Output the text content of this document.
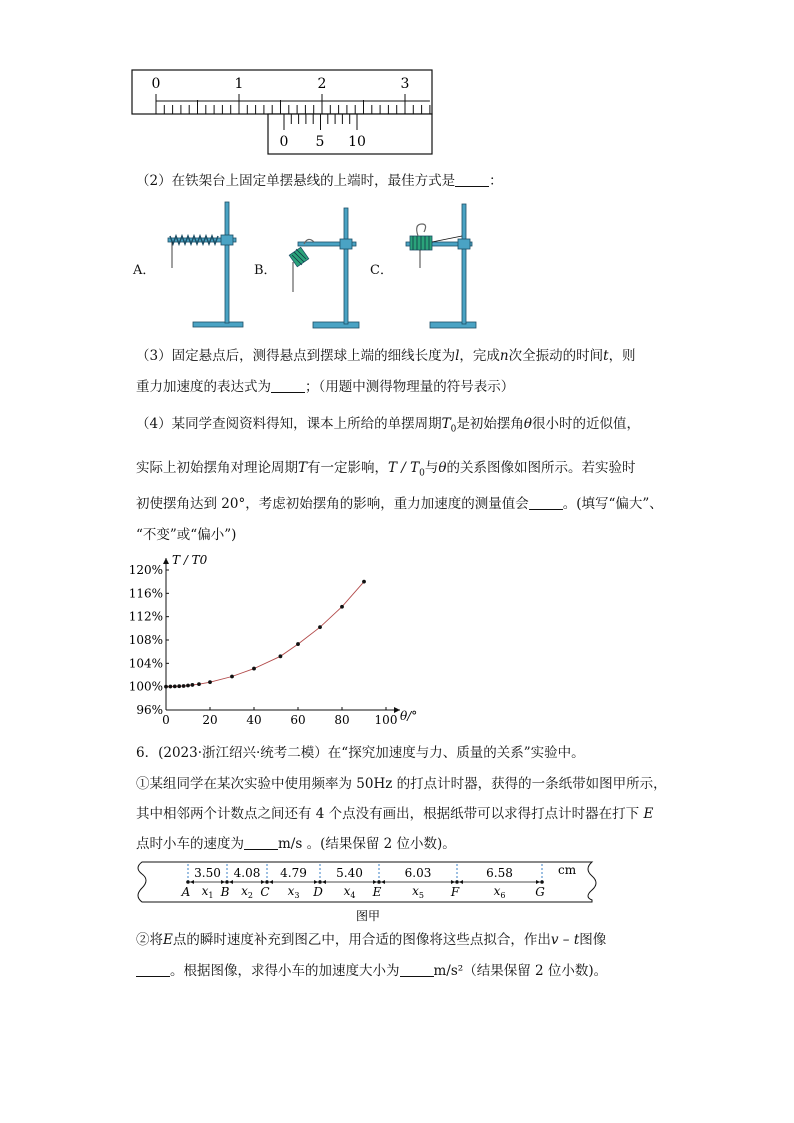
0	1	2	3
0 5 10
（2）在铁架台上固定单摆悬线的上端时，最佳方式是	：
A．	B．	C．
（3）固定悬点后，测得悬点到摆球上端的细线长度为l，完成n次全振动的时间t，则
重力加速度的表达式为	；（用题中测得物理量的符号表示）
（4）某同学查阅资料得知，课本上所给的单摆周期$T_0$是初始摆角θ很小时的近似值，
实际上初始摆角对理论周期T有一定影响，T / $T_0$与θ的关系图像如图所示。若实验时
初使摆角达到 20°，考虑初始摆角的影响，重力加速度的测量值会	。(填写“偏大”、
“不变”或“偏小”)
0	20 40 60 80 100
96%
100%
104%
108%
112%
116%
120%
T / T0
θ/°
6．(2023·浙江绍兴·统考二模）在“探究加速度与力、质量的关系”实验中。
①某组同学在某次实验中使用频率为 50Hz 的打点计时器，获得的一条纸带如图甲所示，
其中相邻两个计数点之间还有 4 个点没有画出，根据纸带可以求得打点计时器在打下 E
点时小车的速度为	m/s 。(结果保留 2 位小数)。
A	B	C	D	E	F	G
3.50
$x_1$
4.08
$x_2$
4.79
$x_3$
5.40
$x_4$
6.03
$x_5$
6.58
$x_6$
cm
图甲
②将E点的瞬时速度补充到图乙中，用合适的图像将这些点拟合，作出v – t图像
。根据图像，求得小车的加速度大小为	m/s²（结果保留 2 位小数)。
